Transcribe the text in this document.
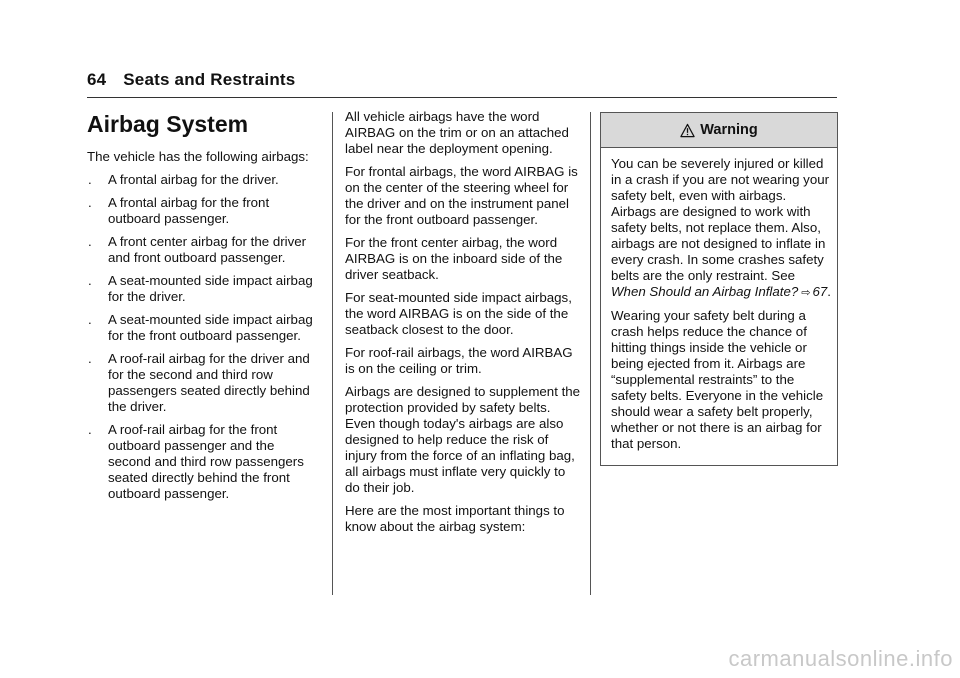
64 Seats and Restraints
Airbag System

The vehicle has the following airbags:

. A frontal airbag for the driver.
. A frontal airbag for the front outboard passenger.
. A front center airbag for the driver and front outboard passenger.
. A seat-mounted side impact airbag for the driver.
. A seat-mounted side impact airbag for the front outboard passenger.
. A roof-rail airbag for the driver and for the second and third row passengers seated directly behind the driver.
. A roof-rail airbag for the front outboard passenger and the second and third row passengers seated directly behind the front outboard passenger.

All vehicle airbags have the word AIRBAG on the trim or on an attached label near the deployment opening.

For frontal airbags, the word AIRBAG is on the center of the steering wheel for the driver and on the instrument panel for the front outboard passenger.

For the front center airbag, the word AIRBAG is on the inboard side of the driver seatback.

For seat-mounted side impact airbags, the word AIRBAG is on the side of the seatback closest to the door.

For roof-rail airbags, the word AIRBAG is on the ceiling or trim.

Airbags are designed to supplement the protection provided by safety belts. Even though today's airbags are also designed to help reduce the risk of injury from the force of an inflating bag, all airbags must inflate very quickly to do their job.

Here are the most important things to know about the airbag system:

Warning

You can be severely injured or killed in a crash if you are not wearing your safety belt, even with airbags. Airbags are designed to work with safety belts, not replace them. Also, airbags are not designed to inflate in every crash. In some crashes safety belts are the only restraint. See When Should an Airbag Inflate? ⇨ 67.

Wearing your safety belt during a crash helps reduce the chance of hitting things inside the vehicle or being ejected from it. Airbags are “supplemental restraints” to the safety belts. Everyone in the vehicle should wear a safety belt properly, whether or not there is an airbag for that person.

carmanualsonline.info
